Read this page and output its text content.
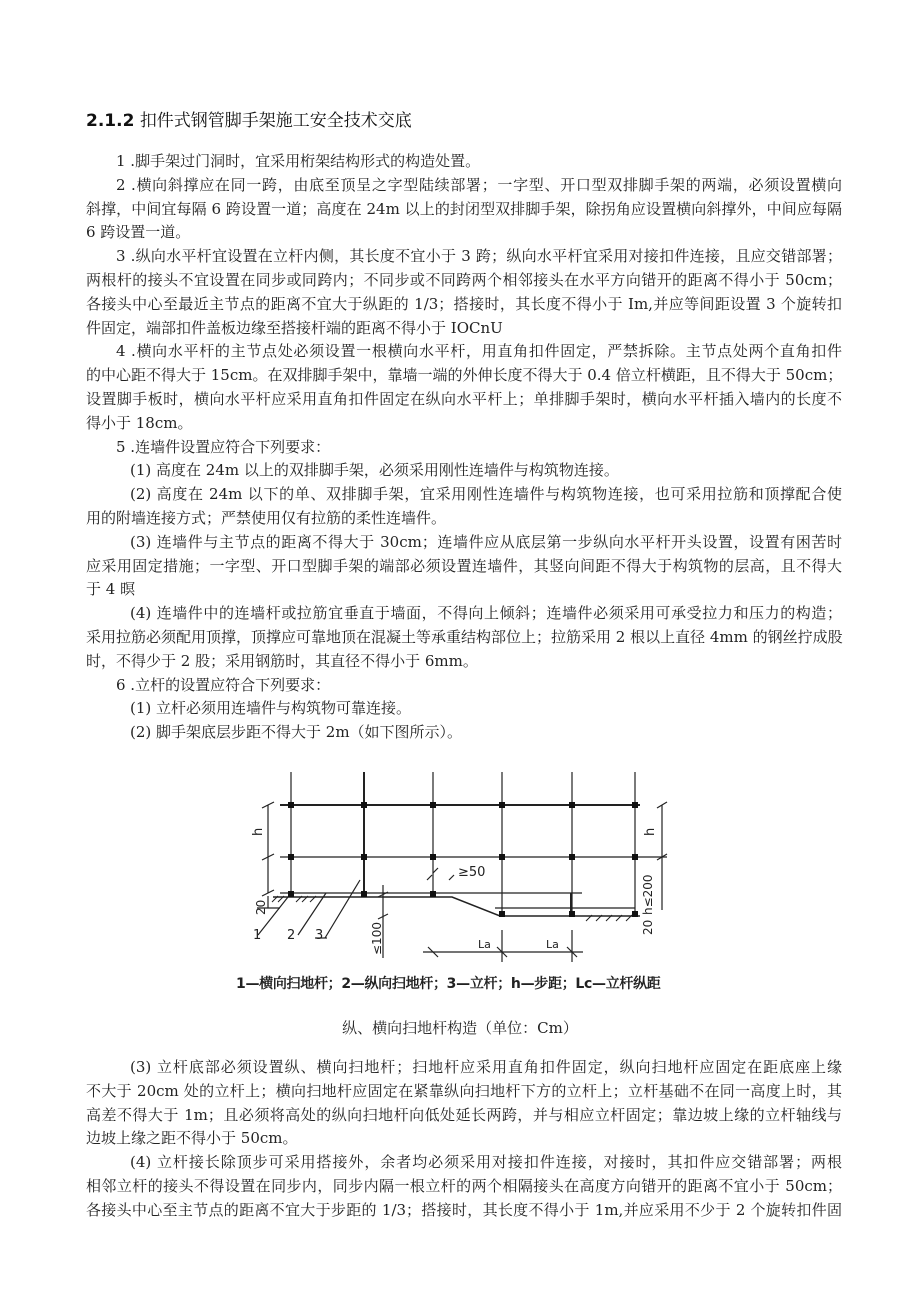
2.1.2 扣件式钢管脚手架施工安全技术交底
1 .脚手架过门洞时，宜采用桁架结构形式的构造处置。
2 .横向斜撑应在同一跨，由底至顶呈之字型陆续部署；一字型、开口型双排脚手架的两端，必须设置横向
斜撑，中间宜每隔 6 跨设置一道；高度在 24m 以上的封闭型双排脚手架，除拐角应设置横向斜撑外，中间应每隔
6 跨设置一道。
3 .纵向水平杆宜设置在立杆内侧，其长度不宜小于 3 跨；纵向水平杆宜采用对接扣件连接，且应交错部署；
两根杆的接头不宜设置在同步或同跨内；不同步或不同跨两个相邻接头在水平方向错开的距离不得小于 50cm；
各接头中心至最近主节点的距离不宜大于纵距的 1/3；搭接时，其长度不得小于 Im,并应等间距设置 3 个旋转扣
件固定，端部扣件盖板边缘至搭接杆端的距离不得小于 IOCnU
4 .横向水平杆的主节点处必须设置一根横向水平杆，用直角扣件固定，严禁拆除。主节点处两个直角扣件
的中心距不得大于 15cm。在双排脚手架中，靠墙一端的外伸长度不得大于 0.4 倍立杆横距，且不得大于 50cm；
设置脚手板时，横向水平杆应采用直角扣件固定在纵向水平杆上；单排脚手架时，横向水平杆插入墙内的长度不
得小于 18cm。
5 .连墙件设置应符合下列要求：
(1) 高度在 24m 以上的双排脚手架，必须采用刚性连墙件与构筑物连接。
(2) 高度在 24m 以下的单、双排脚手架，宜采用刚性连墙件与构筑物连接，也可采用拉筋和顶撑配合使
用的附墙连接方式；严禁使用仅有拉筋的柔性连墙件。
(3) 连墙件与主节点的距离不得大于 30cm；连墙件应从底层第一步纵向水平杆开头设置，设置有困苦时
应采用固定措施；一字型、开口型脚手架的端部必须设置连墙件，其竖向间距不得大于构筑物的层高，且不得大
于 4 暝
(4) 连墙件中的连墙杆或拉筋宜垂直于墙面，不得向上倾斜；连墙件必须采用可承受拉力和压力的构造；
采用拉筋必须配用顶撑，顶撑应可靠地顶在混凝土等承重结构部位上；拉筋采用 2 根以上直径 4mm 的钢丝拧成股
时，不得少于 2 股；采用钢筋时，其直径不得小于 6mm。
6 .立杆的设置应符合下列要求：
(1) 立杆必须用连墙件与构筑物可靠连接。
(2) 脚手架底层步距不得大于 2m（如下图所示）。
h	h
≥50
≤100
h≤200
20
20
1 2 3
La	La
1—横向扫地杆；2—纵向扫地杆；3—立杆；h—步距；Lc—立杆纵距
纵、横向扫地杆构造（单位：Cm）
(3) 立杆底部必须设置纵、横向扫地杆；扫地杆应采用直角扣件固定，纵向扫地杆应固定在距底座上缘
不大于 20cm 处的立杆上；横向扫地杆应固定在紧靠纵向扫地杆下方的立杆上；立杆基础不在同一高度上时，其
高差不得大于 1m；且必须将高处的纵向扫地杆向低处延长两跨，并与相应立杆固定；靠边坡上缘的立杆轴线与
边坡上缘之距不得小于 50cm。
(4) 立杆接长除顶步可采用搭接外，余者均必须采用对接扣件连接，对接时，其扣件应交错部署；两根
相邻立杆的接头不得设置在同步内，同步内隔一根立杆的两个相隔接头在高度方向错开的距离不宜小于 50cm；
各接头中心至主节点的距离不宜大于步距的 1/3；搭接时，其长度不得小于 1m,并应采用不少于 2 个旋转扣件固
